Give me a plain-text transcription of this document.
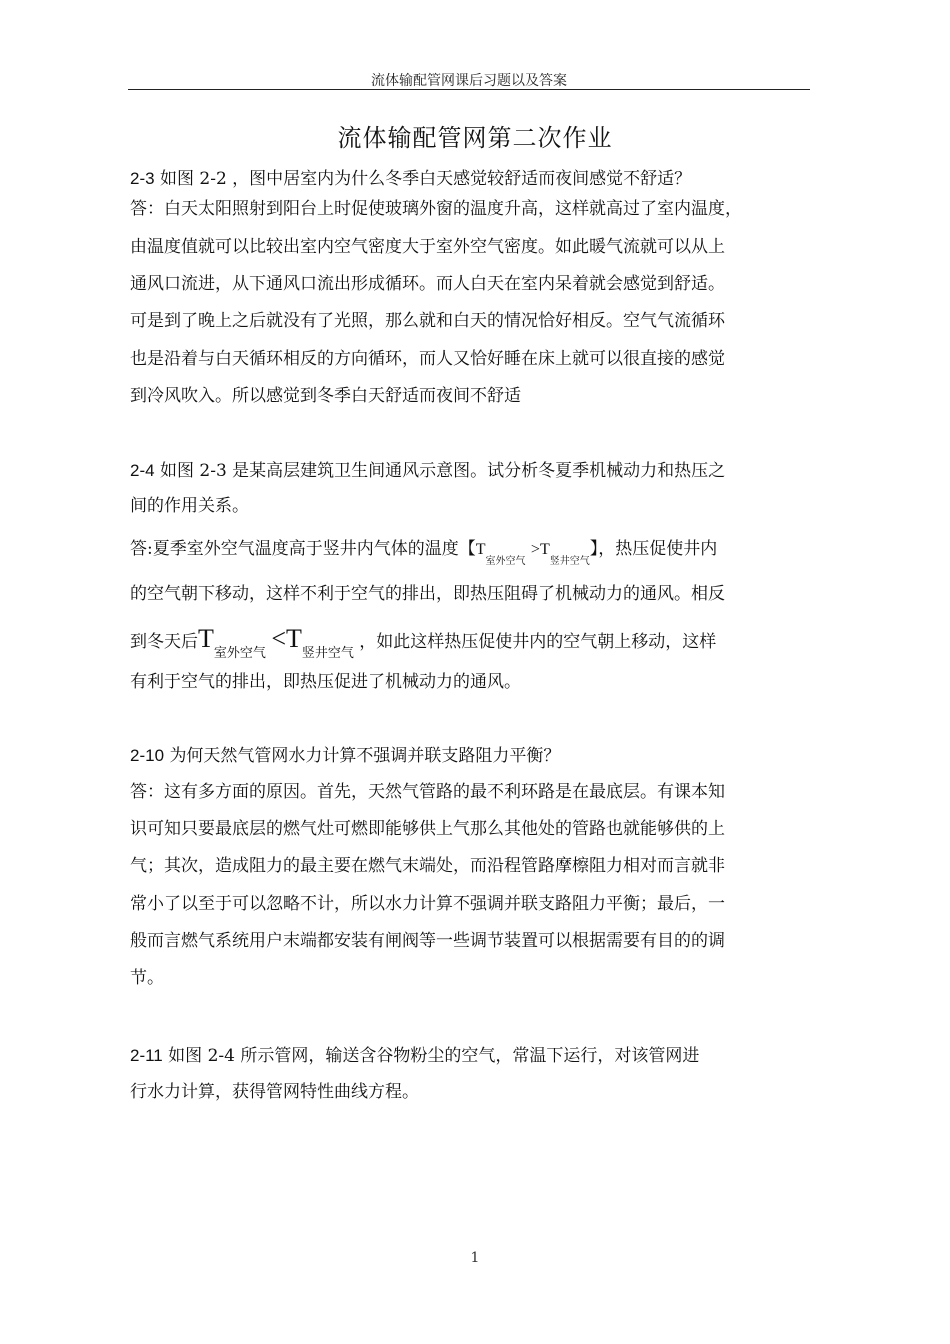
流体输配管网课后习题以及答案
流体输配管网第二次作业
2-3 如图 2-2 ，图中居室内为什么冬季白天感觉较舒适而夜间感觉不舒适？
答：白天太阳照射到阳台上时促使玻璃外窗的温度升高，这样就高过了室内温度，
由温度值就可以比较出室内空气密度大于室外空气密度。如此暖气流就可以从上
通风口流进，从下通风口流出形成循环。而人白天在室内呆着就会感觉到舒适。
可是到了晚上之后就没有了光照，那么就和白天的情况恰好相反。空气气流循环
也是沿着与白天循环相反的方向循环，而人又恰好睡在床上就可以很直接的感觉
到冷风吹入。所以感觉到冬季白天舒适而夜间不舒适
2-4 如图 2-3 是某高层建筑卫生间通风示意图。试分析冬夏季机械动力和热压之
间的作用关系。
答:夏季室外空气温度高于竖井内气体的温度【$T_{室外空气} >T_{竖井空气}$】，热压促使井内
的空气朝下移动，这样不利于空气的排出，即热压阻碍了机械动力的通风。相反
到冬天后$T_{室外空气} <T_{竖井空气}$ ，如此这样热压促使井内的空气朝上移动，这样
有利于空气的排出，即热压促进了机械动力的通风。
2-10 为何天然气管网水力计算不强调并联支路阻力平衡？
答：这有多方面的原因。首先，天然气管路的最不利环路是在最底层。有课本知
识可知只要最底层的燃气灶可燃即能够供上气那么其他处的管路也就能够供的上
气；其次，造成阻力的最主要在燃气末端处，而沿程管路摩檫阻力相对而言就非
常小了以至于可以忽略不计，所以水力计算不强调并联支路阻力平衡；最后，一
般而言燃气系统用户末端都安装有闸阀等一些调节装置可以根据需要有目的的调
节。
2-11 如图 2-4 所示管网，输送含谷物粉尘的空气，常温下运行，对该管网进
行水力计算，获得管网特性曲线方程。
1
